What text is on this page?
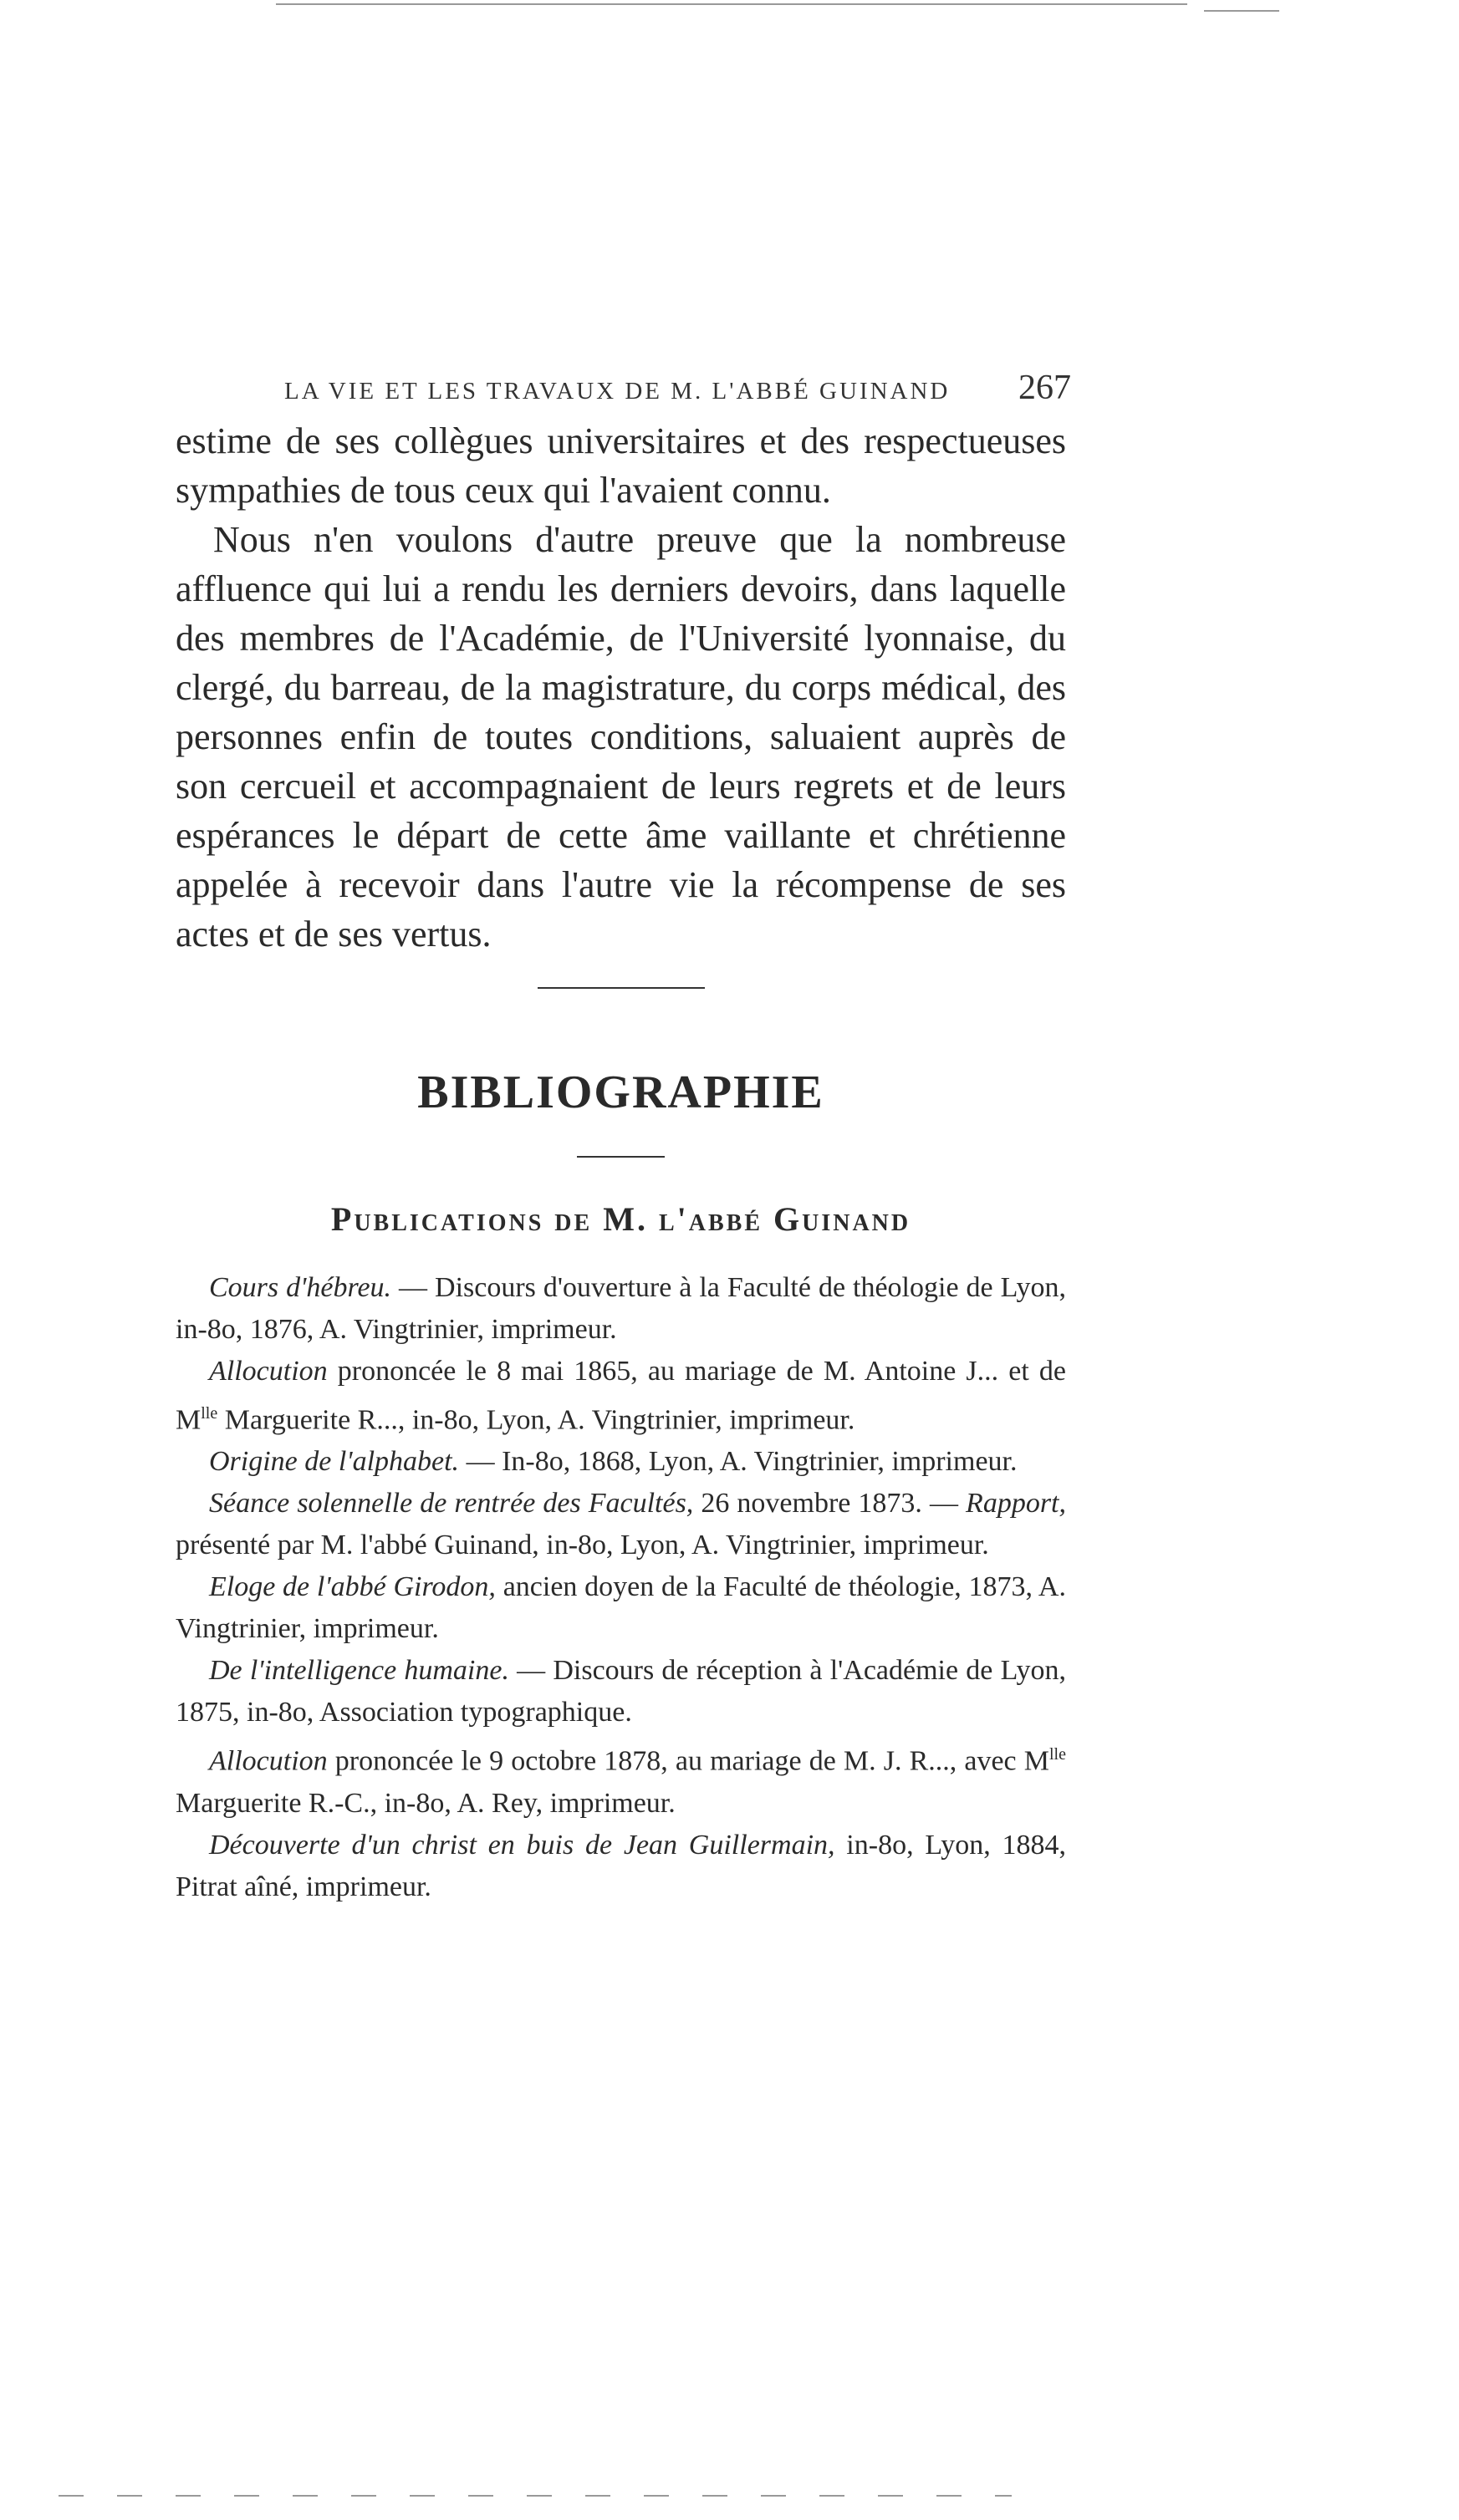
LA VIE ET LES TRAVAUX DE M. L'ABBÉ GUINAND 267

estime de ses collègues universitaires et des respectueuses sympathies de tous ceux qui l'avaient connu.

Nous n'en voulons d'autre preuve que la nombreuse affluence qui lui a rendu les derniers devoirs, dans laquelle des membres de l'Académie, de l'Université lyonnaise, du clergé, du barreau, de la magistrature, du corps médical, des personnes enfin de toutes conditions, saluaient auprès de son cercueil et accompagnaient de leurs regrets et de leurs espérances le départ de cette âme vaillante et chrétienne appelée à recevoir dans l'autre vie la récompense de ses actes et de ses vertus.

BIBLIOGRAPHIE
Publications de M. l'abbé Guinand

Cours d'hébreu. — Discours d'ouverture à la Faculté de théologie de Lyon, in-8o, 1876, A. Vingtrinier, imprimeur.

Allocution prononcée le 8 mai 1865, au mariage de M. Antoine J... et de $M^{lle}$ Marguerite R..., in-8o, Lyon, A. Vingtrinier, imprimeur.

Origine de l'alphabet. — In-8o, 1868, Lyon, A. Vingtrinier, imprimeur.

Séance solennelle de rentrée des Facultés, 26 novembre 1873. — Rapport, présenté par M. l'abbé Guinand, in-8o, Lyon, A. Vingtrinier, imprimeur.

Eloge de l'abbé Girodon, ancien doyen de la Faculté de théologie, 1873, A. Vingtrinier, imprimeur.

De l'intelligence humaine. — Discours de réception à l'Académie de Lyon, 1875, in-8o, Association typographique.

Allocution prononcée le 9 octobre 1878, au mariage de M. J. R..., avec $M^{lle}$ Marguerite R.-C., in-8o, A. Rey, imprimeur.

Découverte d'un christ en buis de Jean Guillermain, in-8o, Lyon, 1884, Pitrat aîné, imprimeur.
